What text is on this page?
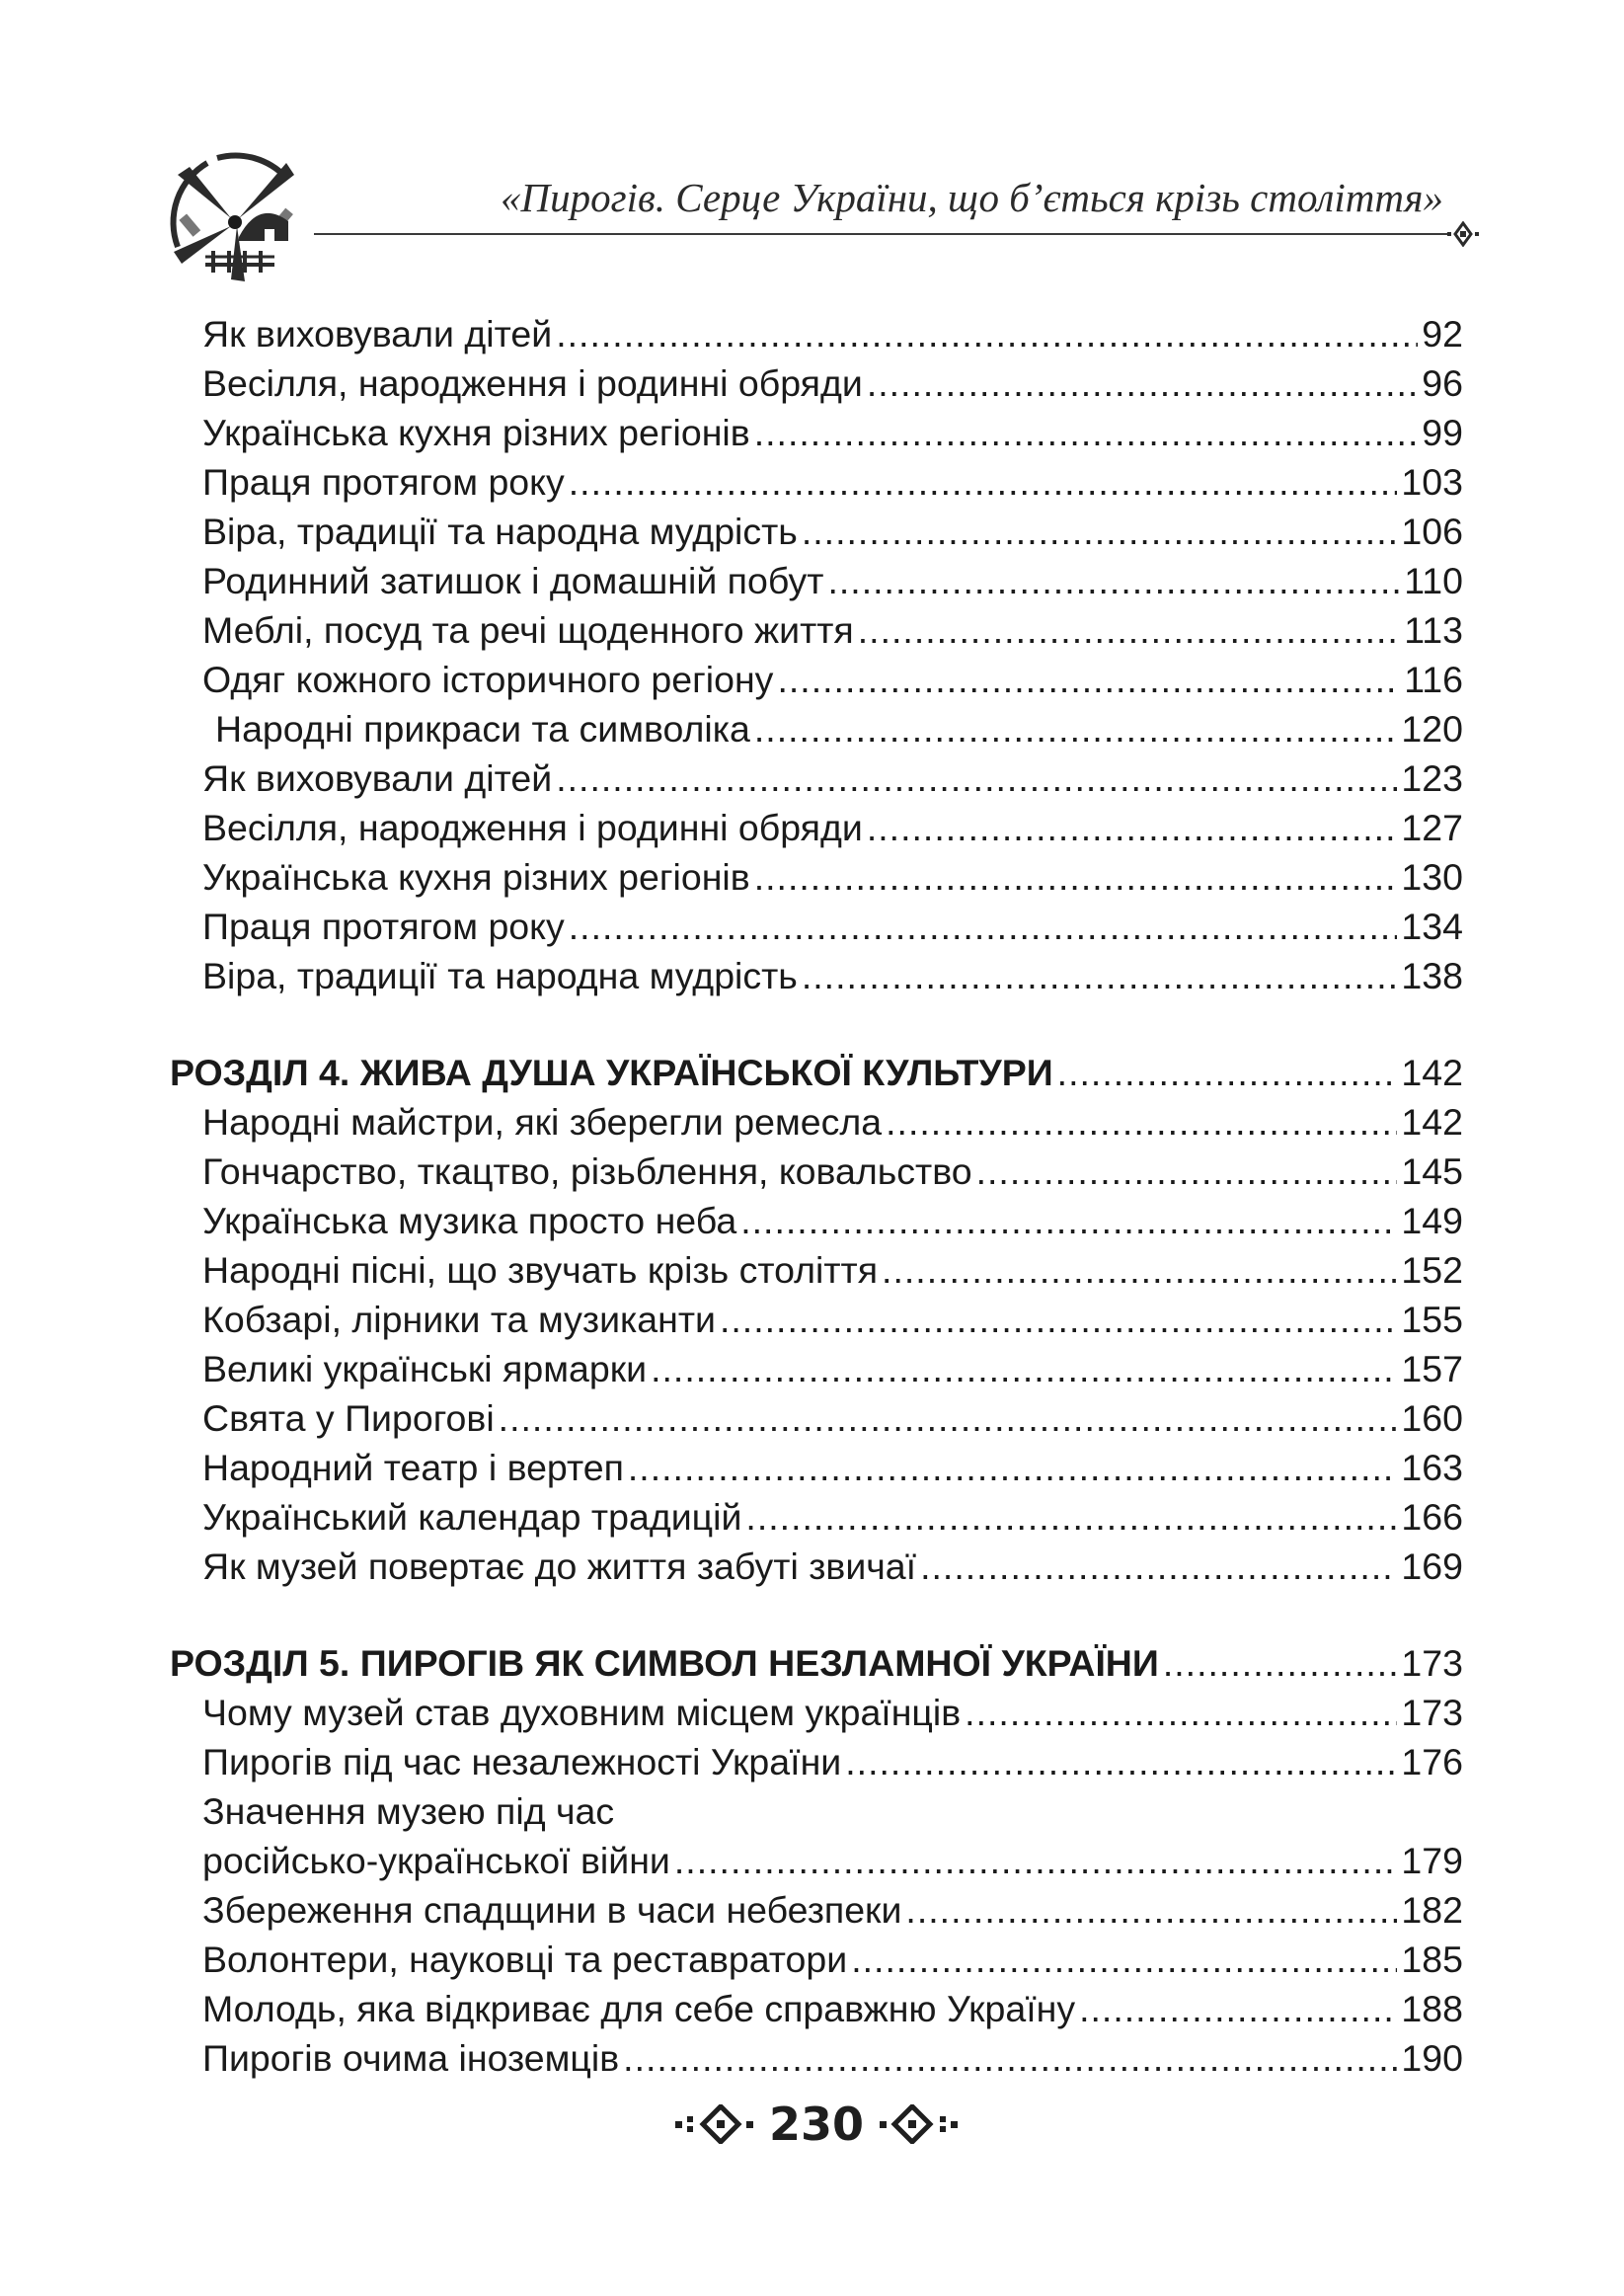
«Пирогів. Серце України, що б’ється крізь століття»
Як виховували дітей .....	92
Весілля, народження і родинні обряди .....	96
Українська кухня різних регіонів .....	99
Праця протягом року .....	103
Віра, традиції та народна мудрість .....	106
Родинний затишок і домашній побут .....	110
Меблі, посуд та речі щоденного життя .....	113
Одяг кожного історичного регіону .....	116
Народні прикраси та символіка .....	120
Як виховували дітей .....	123
Весілля, народження і родинні обряди .....	127
Українська кухня різних регіонів .....	130
Праця протягом року .....	134
Віра, традиції та народна мудрість .....	138
РОЗДІЛ 4. ЖИВА ДУША УКРАЇНСЬКОЇ КУЛЬТУРИ .....	142
Народні майстри, які зберегли ремесла .....	142
Гончарство, ткацтво, різьблення, ковальство .....	145
Українська музика просто неба .....	149
Народні пісні, що звучать крізь століття .....	152
Кобзарі, лірники та музиканти .....	155
Великі українські ярмарки .....	157
Свята у Пирогові .....	160
Народний театр і вертеп .....	163
Український календар традицій .....	166
Як музей повертає до життя забуті звичаї .....	169
РОЗДІЛ 5. ПИРОГІВ ЯК СИМВОЛ НЕЗЛАМНОЇ УКРАЇНИ .....	173
Чому музей став духовним місцем українців .....	173
Пирогів під час незалежності України .....	176
Значення музею під час
російсько-української війни .....	179
Збереження спадщини в часи небезпеки .....	182
Волонтери, науковці та реставратори .....	185
Молодь, яка відкриває для себе справжню Україну .....	188
Пирогів очима іноземців .....	190
230
